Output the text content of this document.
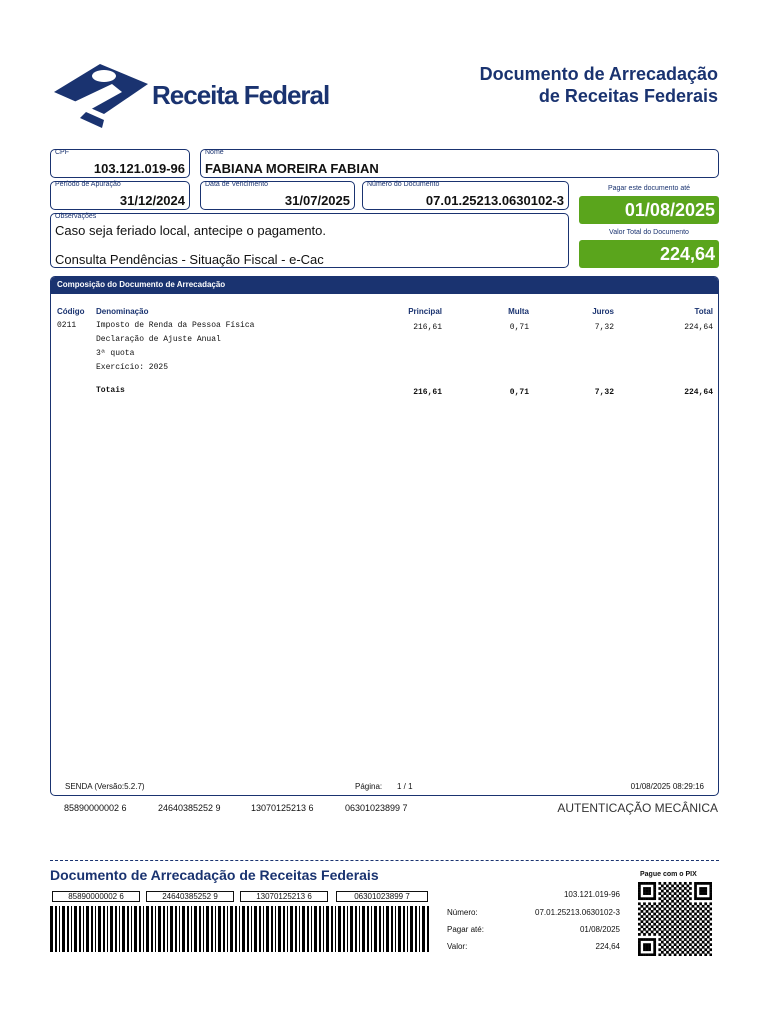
Receita Federal
Documento de Arrecadação
de Receitas Federais
CPF
103.121.019-96
Nome
FABIANA MOREIRA FABIAN
Período de Apuração
31/12/2024
Data de Vencimento
31/07/2025
Número do Documento
07.01.25213.0630102-3
Pagar este documento até
01/08/2025
Observações
Caso seja feriado local, antecipe o pagamento.
Consulta Pendências - Situação Fiscal - e-Cac
Valor Total do Documento
224,64
Composição do Documento de Arrecadação
Código Denominação	Principal	Multa	Juros	Total
0211 Imposto de Renda da Pessoa Física
Declaração de Ajuste Anual
3ª quota
Exercício: 2025
216,61	0,71	7,32	224,64
Totais	216,61	0,71	7,32	224,64
SENDA (Versão:5.2.7)	Página: 1 / 1	01/08/2025 08:29:16
85890000002 6	24640385252 9	13070125213 6	06301023899 7	AUTENTICAÇÃO MECÂNICA
Documento de Arrecadação de Receitas Federais	Pague com o PIX
85890000002 6	24640385252 9	13070125213 6	06301023899 7	103.121.019-96
Número:	07.01.25213.0630102-3
Pagar até:	01/08/2025
Valor:	224,64
